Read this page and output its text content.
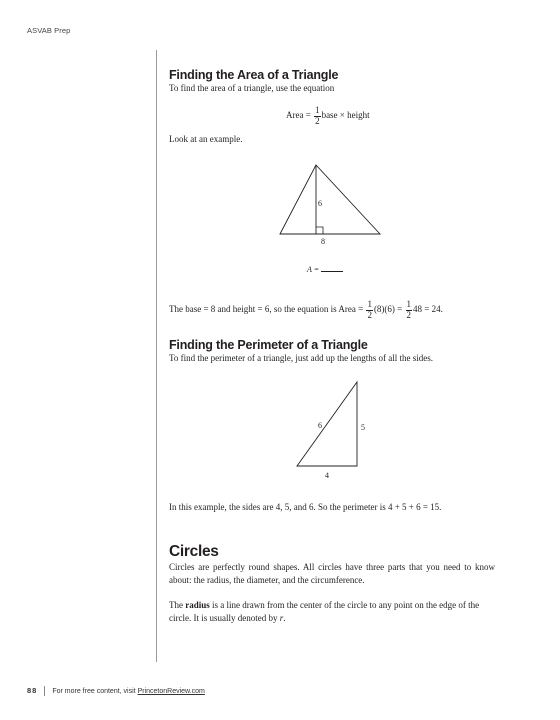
ASVAB Prep
Finding the Area of a Triangle
To find the area of a triangle, use the equation
Area = $\frac{1}{2}$ base × height
Look at an example.
6
8
A =
The base = 8 and height = 6, so the equation is Area = $\frac{1}{2} (8)(6) = \frac{1}{2} 48 = 24$.
Finding the Perimeter of a Triangle
To find the perimeter of a triangle, just add up the lengths of all the sides.
6	5
4
In this example, the sides are 4, 5, and 6. So the perimeter is 4 + 5 + 6 = 15.
Circles
Circles are perfectly round shapes. All circles have three parts that you need to know about: the radius, the diameter, and the circumference.
The radius is a line drawn from the center of the circle to any point on the edge of the circle. It is usually denoted by r.
88 For more free content, visit PrincetonReview.com
